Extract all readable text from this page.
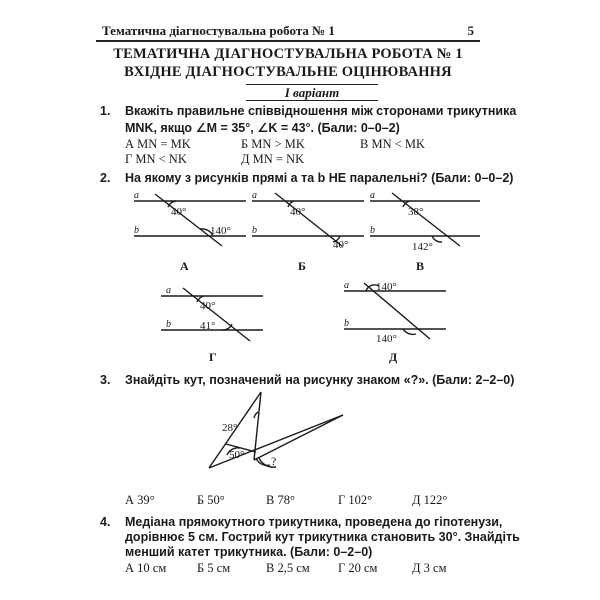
Тематична діагностувальна робота № 1	5
ТЕМАТИЧНА ДІАГНОСТУВАЛЬНА РОБОТА № 1
ВХІДНЕ ДІАГНОСТУВАЛЬНЕ ОЦІНЮВАННЯ
І варіант
1. Вкажіть правильне співвідношення між сторонами трикутника
MNK, якщо ∠M = 35°, ∠K = 43°. (Бали: 0–0–2)
А MN = MK	Б MN > MK	В MN < MK
Г MN < NK	Д MN = NK
2. На якому з рисунків прямі a та b НЕ паралельні? (Бали: 0–0–2)
a
b
a
b
a
b
a
b
a
b
40°
140°
40°
40°
38°
142°
40°
41°
140°
140°
А	Б	В
Г	Д
28°
50° ?
3. Знайдіть кут, позначений на рисунку знаком «?». (Бали: 2–2–0)
А 39°	Б 50°	В 78°	Г 102°	Д 122°
4. Медіана прямокутного трикутника, проведена до гіпотенузи,
дорівнює 5 см. Гострий кут трикутника становить 30°. Знайдіть
менший катет трикутника. (Бали: 0–2–0)
А 10 см Б 5 см	В 2,5 см Г 20 см	Д 3 см
